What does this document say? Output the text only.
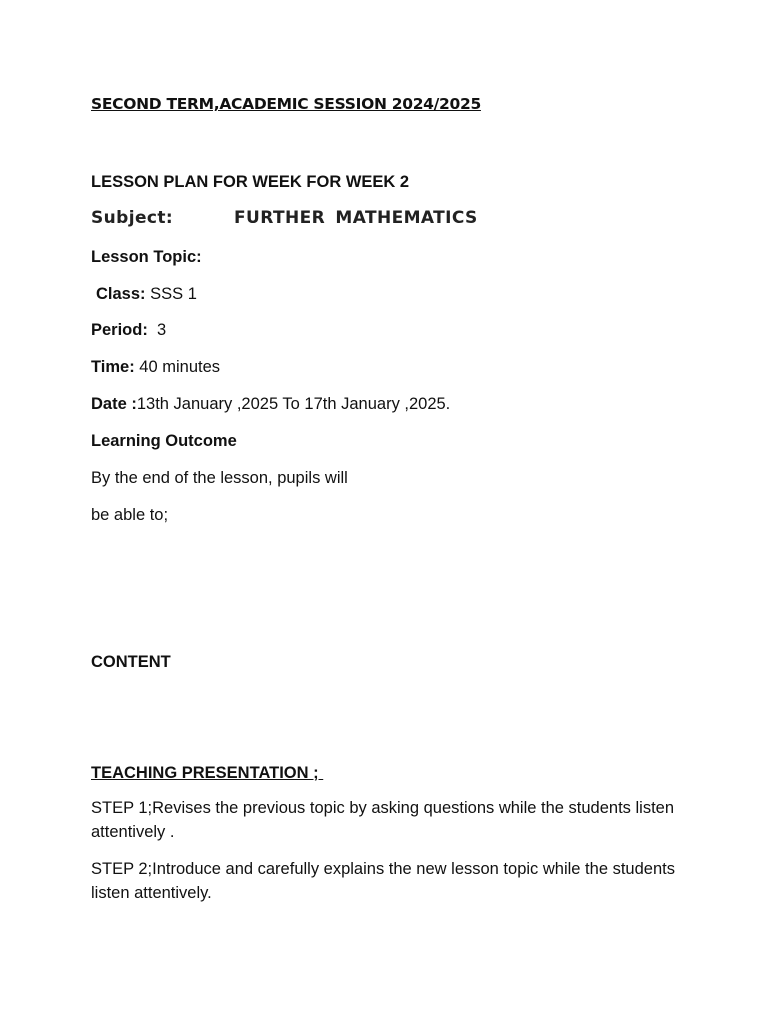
SECOND TERM,ACADEMIC SESSION 2024/2025
LESSON PLAN FOR WEEK FOR WEEK 2
Subject:	FURTHER MATHEMATICS
Lesson Topic:
Class: SSS 1
Period:  3
Time: 40 minutes
Date :13th January ,2025 To 17th January ,2025.
Learning Outcome
By the end of the lesson, pupils will
be able to;
CONTENT
TEACHING PRESENTATION ;
STEP 1;Revises the previous topic by asking questions while the students listen attentively .
STEP 2;Introduce and carefully explains the new lesson topic while the students listen attentively.
